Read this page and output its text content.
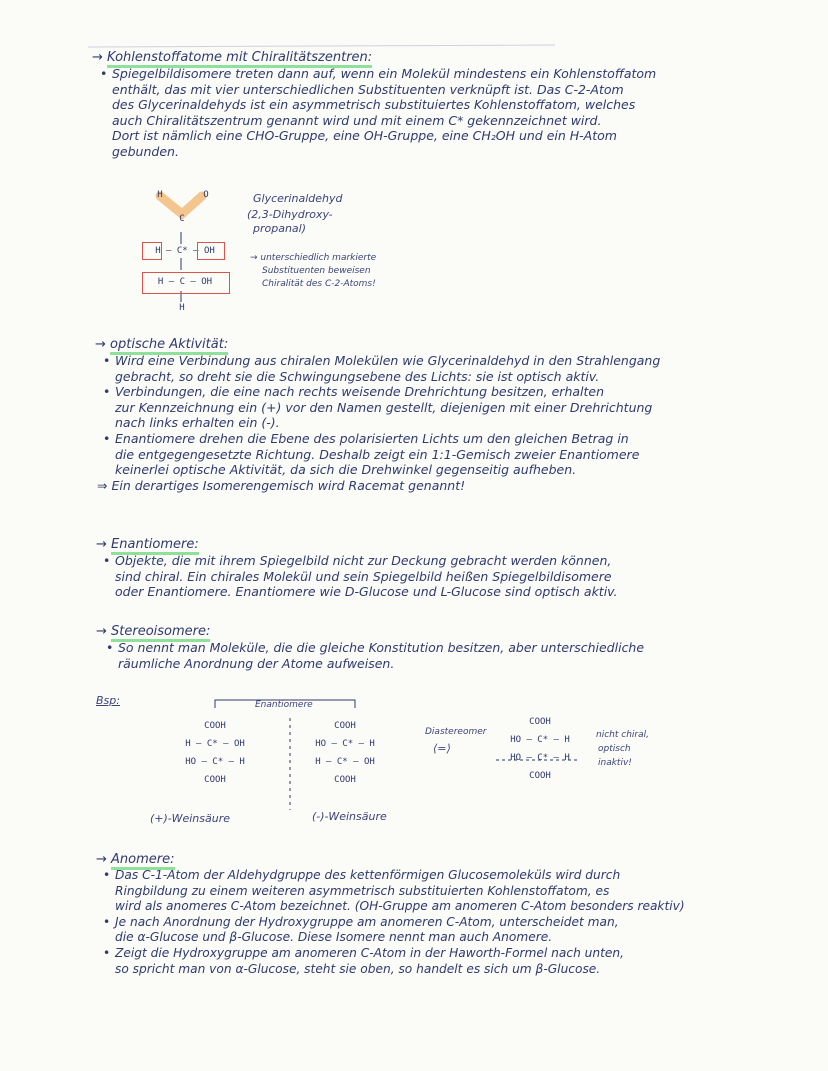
→ Kohlenstoffatome mit Chiralitätszentren:
• Spiegelbildisomere treten dann auf, wenn ein Molekül mindestens ein Kohlenstoffatom
enthält, das mit vier unterschiedlichen Substituenten verknüpft ist. Das C-2-Atom
des Glycerinaldehyds ist ein asymmetrisch substituiertes Kohlenstoffatom, welches
auch Chiralitätszentrum genannt wird und mit einem C* gekennzeichnet wird.
Dort ist nämlich eine CHO-Gruppe, eine OH-Gruppe, eine CH₂OH und ein H-Atom
gebunden.
H	O
C
H – C* – OH
H – C – OH
H
Glycerinaldehyd
(2,3-Dihydroxy-
propanal)
→ unterschiedlich markierte
Substituenten beweisen
Chiralität des C-2-Atoms!
→ optische Aktivität:
• Wird eine Verbindung aus chiralen Molekülen wie Glycerinaldehyd in den Strahlengang
gebracht, so dreht sie die Schwingungsebene des Lichts: sie ist optisch aktiv.
• Verbindungen, die eine nach rechts weisende Drehrichtung besitzen, erhalten
zur Kennzeichnung ein (+) vor den Namen gestellt, diejenigen mit einer Drehrichtung
nach links erhalten ein (-).
• Enantiomere drehen die Ebene des polarisierten Lichts um den gleichen Betrag in
die entgegengesetzte Richtung. Deshalb zeigt ein 1:1-Gemisch zweier Enantiomere
keinerlei optische Aktivität, da sich die Drehwinkel gegenseitig aufheben.
⇒ Ein derartiges Isomerengemisch wird Racemat genannt!
→ Enantiomere:
• Objekte, die mit ihrem Spiegelbild nicht zur Deckung gebracht werden können,
sind chiral. Ein chirales Molekül und sein Spiegelbild heißen Spiegelbildisomere
oder Enantiomere. Enantiomere wie D-Glucose und L-Glucose sind optisch aktiv.
→ Stereoisomere:
• So nennt man Moleküle, die die gleiche Konstitution besitzen, aber unterschiedliche
räumliche Anordnung der Atome aufweisen.
Bsp:	Enantiomere
COOH
H – C* – OH
HO – C* – H
COOH
COOH
HO – C* – H
H – C* – OH
COOH
Diastereomer
⟨=⟩
COOH
HO – C* – H
HO – C* – H
COOH
nicht chiral,
optisch
inaktiv!
(+)-Weinsäure	(-)-Weinsäure
→ Anomere:
• Das C-1-Atom der Aldehydgruppe des kettenförmigen Glucosemoleküls wird durch
Ringbildung zu einem weiteren asymmetrisch substituierten Kohlenstoffatom, es
wird als anomeres C-Atom bezeichnet. (OH-Gruppe am anomeren C-Atom besonders reaktiv)
• Je nach Anordnung der Hydroxygruppe am anomeren C-Atom, unterscheidet man,
die α-Glucose und β-Glucose. Diese Isomere nennt man auch Anomere.
• Zeigt die Hydroxygruppe am anomeren C-Atom in der Haworth-Formel nach unten,
so spricht man von α-Glucose, steht sie oben, so handelt es sich um β-Glucose.
